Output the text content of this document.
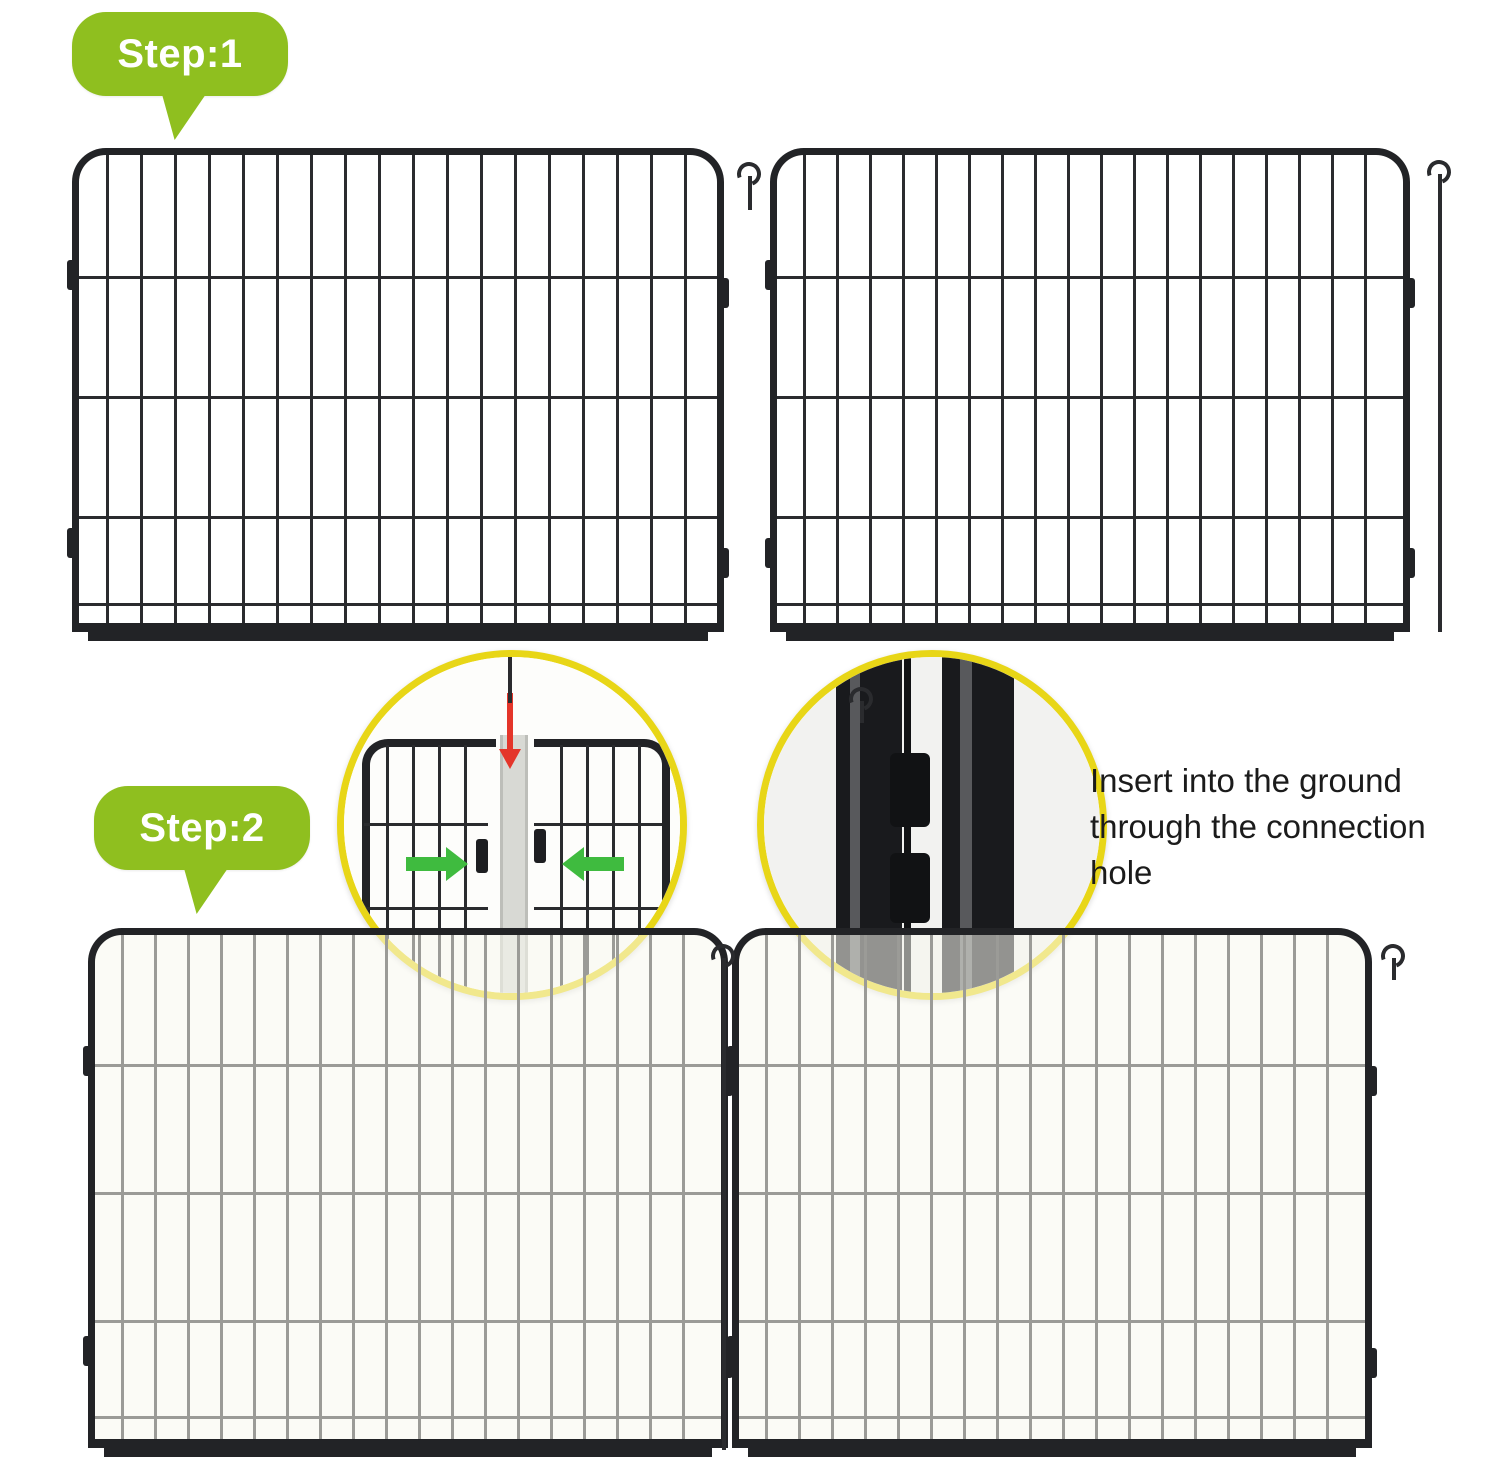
Step:1
Insert into the ground
through the connection
hole
Step:2
